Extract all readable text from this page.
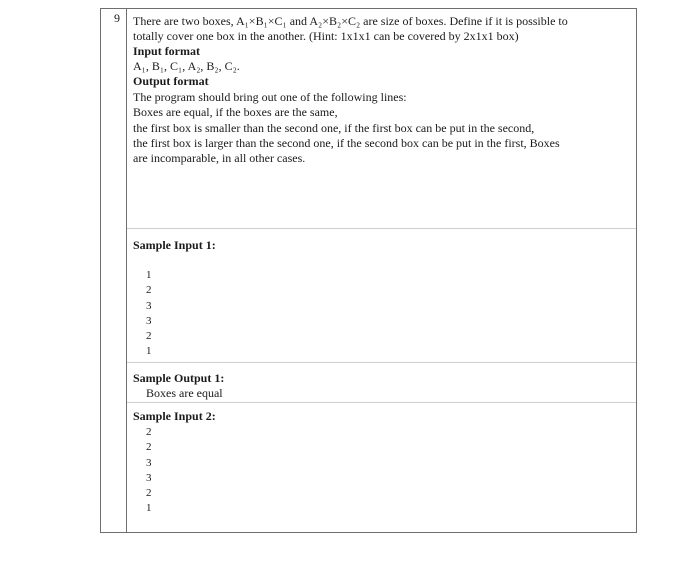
9 There are two boxes, A₁×B₁×C₁ and A₂×B₂×C₂ are size of boxes. Define if it is possible to
totally cover one box in the another. (Hint: 1x1x1 can be covered by 2x1x1 box)
Input format
A₁, B₁, C₁, A₂, B₂, C₂.
Output format
The program should bring out one of the following lines:
Boxes are equal, if the boxes are the same,
the first box is smaller than the second one, if the first box can be put in the second,
the first box is larger than the second one, if the second box can be put in the first, Boxes
are incomparable, in all other cases.
Sample Input 1:
1
2
3
3
2
1
Sample Output 1:
Boxes are equal
Sample Input 2:
2
2
3
3
2
1
